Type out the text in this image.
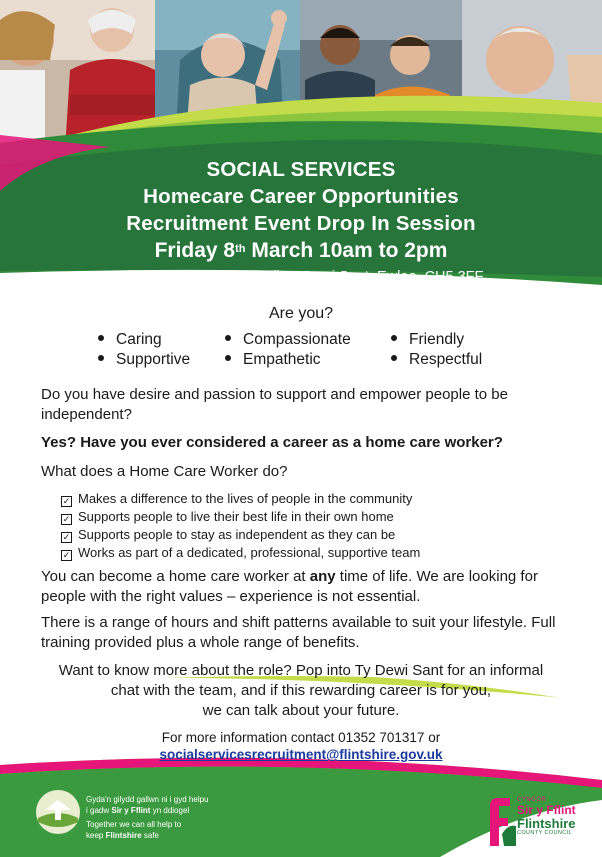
SOCIAL SERVICES
Homecare Career Opportunities
Recruitment Event Drop In Session
Friday 8th March 10am to 2pm
Flintshire County Council Ty Dewi Sant, Ewloe, CH5 3FF
Are you?
Caring	Compassionate	Friendly
Supportive	Empathetic	Respectful
Do you have desire and passion to support and empower people to be independent?
Yes? Have you ever considered a career as a home care worker?
What does a Home Care Worker do?
✓ Makes a difference to the lives of people in the community
✓ Supports people to live their best life in their own home
✓ Supports people to stay as independent as they can be
✓ Works as part of a dedicated, professional, supportive team
You can become a home care worker at any time of life. We are looking for people with the right values – experience is not essential.
There is a range of hours and shift patterns available to suit your lifestyle. Full training provided plus a whole range of benefits.
Want to know more about the role? Pop into Ty Dewi Sant for an informal
chat with the team, and if this rewarding career is for you,
we can talk about your future.
For more information contact 01352 701317 or
socialservicesrecruitment@flintshire.gov.uk
Gyda'n gilydd gallwn ni i gyd helpu
i gadw Sir y Fflint yn ddiogel
Together we can all help to
keep Flintshire safe
CYNGOR
Sir y Fflint
Flintshire
COUNTY COUNCIL
